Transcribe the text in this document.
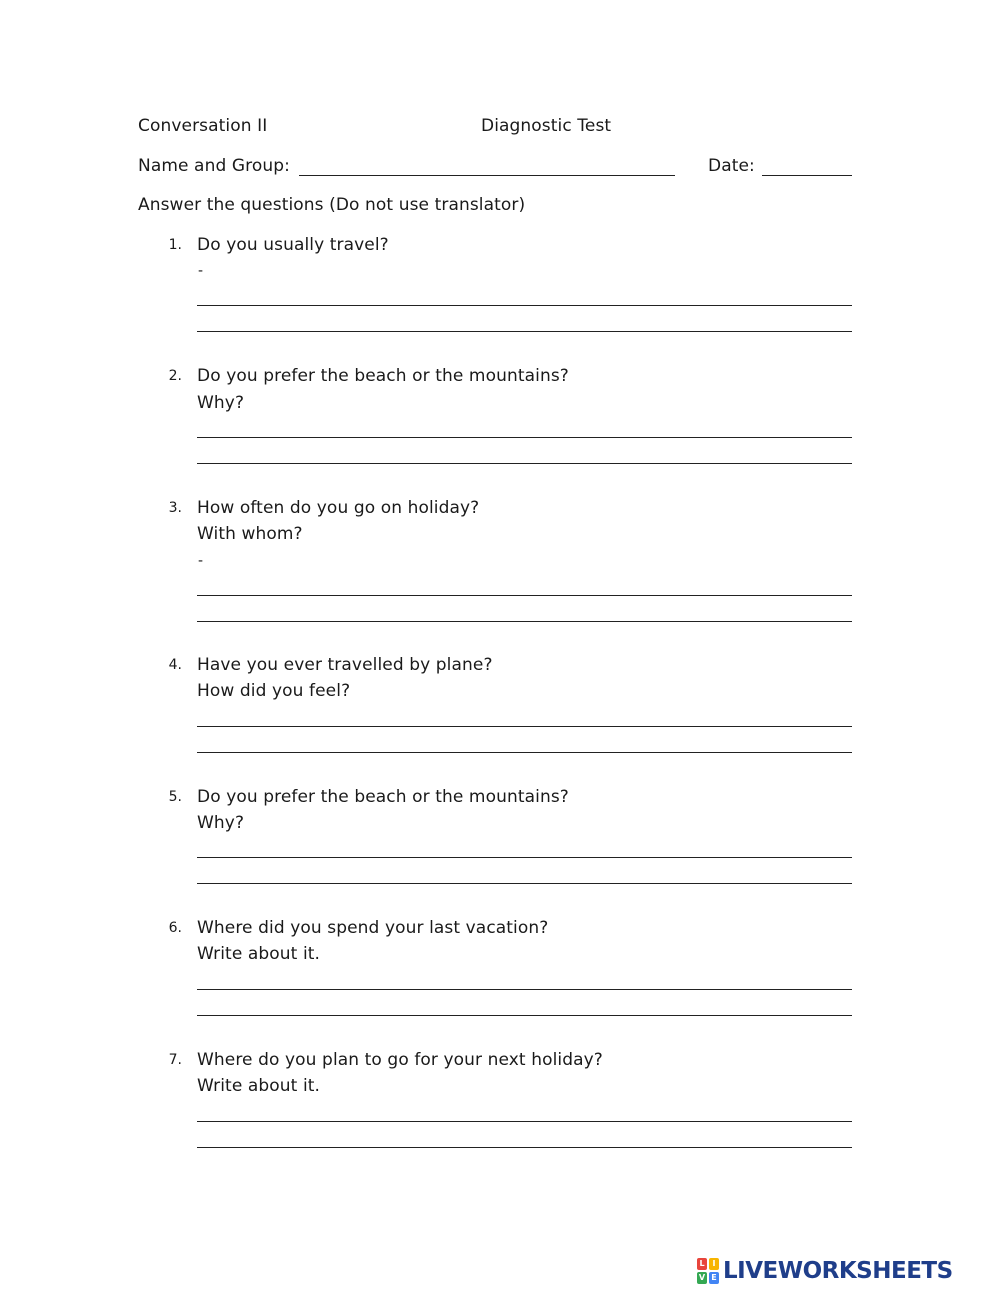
Conversation II	Diagnostic Test
Name and Group:	Date:
Answer the questions (Do not use translator)
1. Do you usually travel?
-
2. Do you prefer the beach or the mountains?
Why?
3. How often do you go on holiday?
With whom?
-
4. Have you ever travelled by plane?
How did you feel?
5. Do you prefer the beach or the mountains?
Why?
6. Where did you spend your last vacation?
Write about it.
7. Where do you plan to go for your next holiday?
Write about it.
L I
V E LIVEWORKSHEETS
